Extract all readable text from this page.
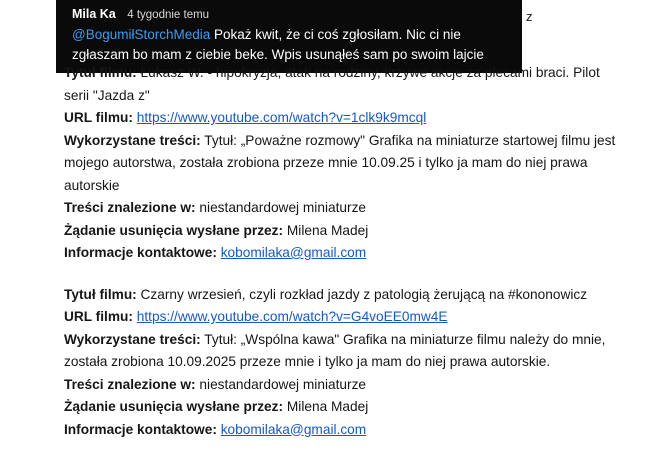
Mila Ka 4 tygodnie temu
@BogumiłStorchMedia Pokaż kwit, że ci coś zgłosiłam. Nic ci nie zgłaszam bo mam z ciebie beke. Wpis usunąłeś sam po swoim lajcie
z
Tytuł filmu: Łukasz W. - hipokryzja, atak na rodziny, krzywe akcje za plecami braci. Pilot serii "Jazda z"
URL filmu: https://www.youtube.com/watch?v=1clk9k9mcql
Wykorzystane treści: Tytuł: „Poważne rozmowy" Grafika na miniaturze startowej filmu jest mojego autorstwa, została zrobiona przeze mnie 10.09.25 i tylko ja mam do niej prawa autorskie
Treści znalezione w: niestandardowej miniaturze
Żądanie usunięcia wysłane przez: Milena Madej
Informacje kontaktowe: kobomilaka@gmail.com
Tytuł filmu: Czarny wrzesień, czyli rozkład jazdy z patologią żerującą na #kononowicz
URL filmu: https://www.youtube.com/watch?v=G4voEE0mw4E
Wykorzystane treści: Tytuł: „Wspólna kawa" Grafika na miniaturze filmu należy do mnie, została zrobiona 10.09.2025 przeze mnie i tylko ja mam do niej prawa autorskie.
Treści znalezione w: niestandardowej miniaturze
Żądanie usunięcia wysłane przez: Milena Madej
Informacje kontaktowe: kobomilaka@gmail.com
